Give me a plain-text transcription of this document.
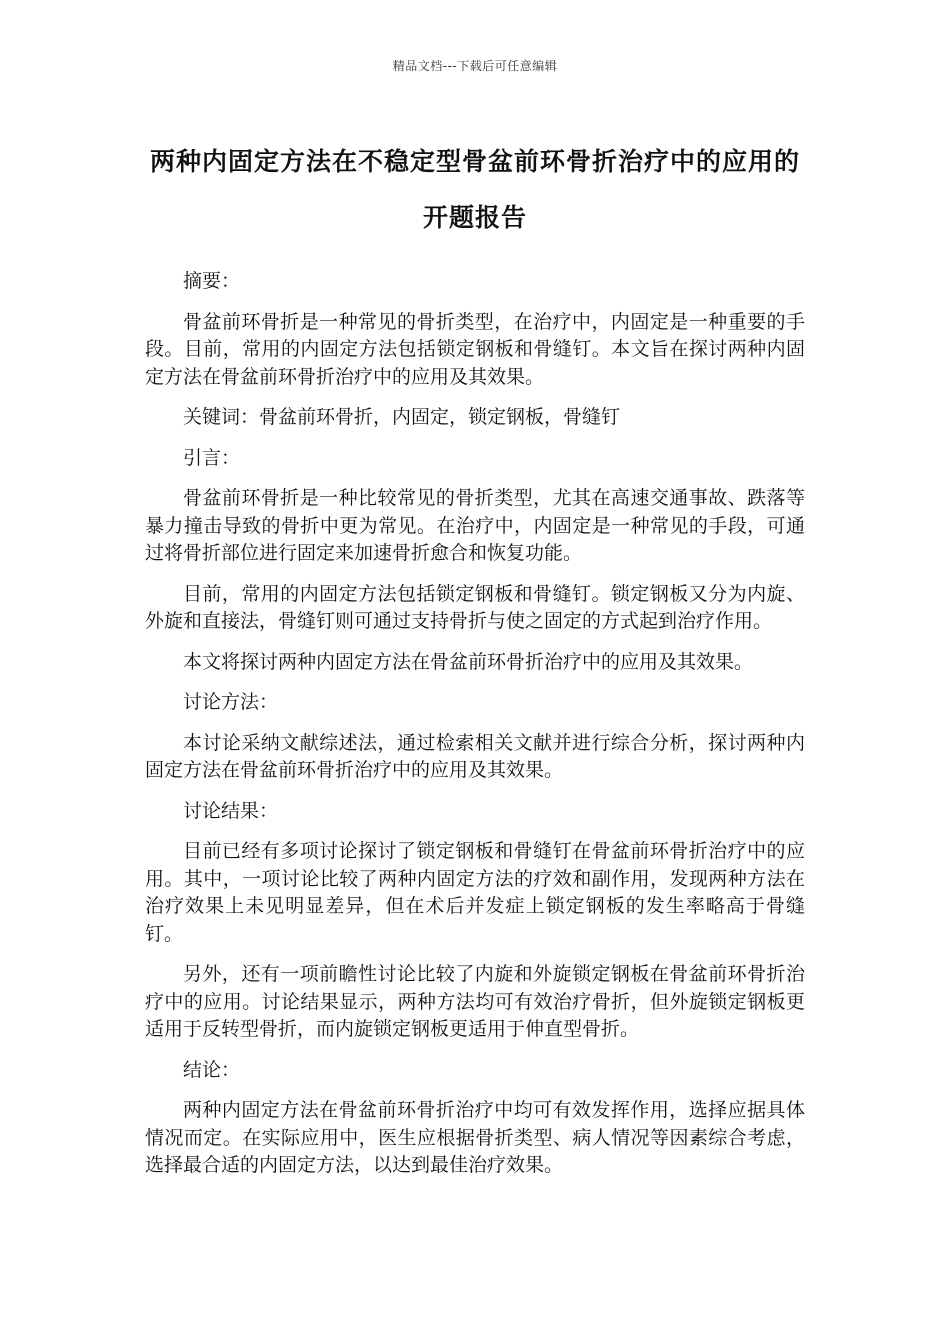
精品文档---下载后可任意编辑
两种内固定方法在不稳定型骨盆前环骨折治疗中的应用的开题报告

摘要：

骨盆前环骨折是一种常见的骨折类型，在治疗中，内固定是一种重要的手段。目前，常用的内固定方法包括锁定钢板和骨缝钉。本文旨在探讨两种内固定方法在骨盆前环骨折治疗中的应用及其效果。

关键词：骨盆前环骨折，内固定，锁定钢板，骨缝钉

引言：

骨盆前环骨折是一种比较常见的骨折类型，尤其在高速交通事故、跌落等暴力撞击导致的骨折中更为常见。在治疗中，内固定是一种常见的手段，可通过将骨折部位进行固定来加速骨折愈合和恢复功能。

目前，常用的内固定方法包括锁定钢板和骨缝钉。锁定钢板又分为内旋、外旋和直接法，骨缝钉则可通过支持骨折与使之固定的方式起到治疗作用。

本文将探讨两种内固定方法在骨盆前环骨折治疗中的应用及其效果。

讨论方法：

本讨论采纳文献综述法，通过检索相关文献并进行综合分析，探讨两种内固定方法在骨盆前环骨折治疗中的应用及其效果。

讨论结果：

目前已经有多项讨论探讨了锁定钢板和骨缝钉在骨盆前环骨折治疗中的应用。其中，一项讨论比较了两种内固定方法的疗效和副作用，发现两种方法在治疗效果上未见明显差异，但在术后并发症上锁定钢板的发生率略高于骨缝钉。

另外，还有一项前瞻性讨论比较了内旋和外旋锁定钢板在骨盆前环骨折治疗中的应用。讨论结果显示，两种方法均可有效治疗骨折，但外旋锁定钢板更适用于反转型骨折，而内旋锁定钢板更适用于伸直型骨折。

结论：

两种内固定方法在骨盆前环骨折治疗中均可有效发挥作用，选择应据具体情况而定。在实际应用中，医生应根据骨折类型、病人情况等因素综合考虑，选择最合适的内固定方法，以达到最佳治疗效果。
